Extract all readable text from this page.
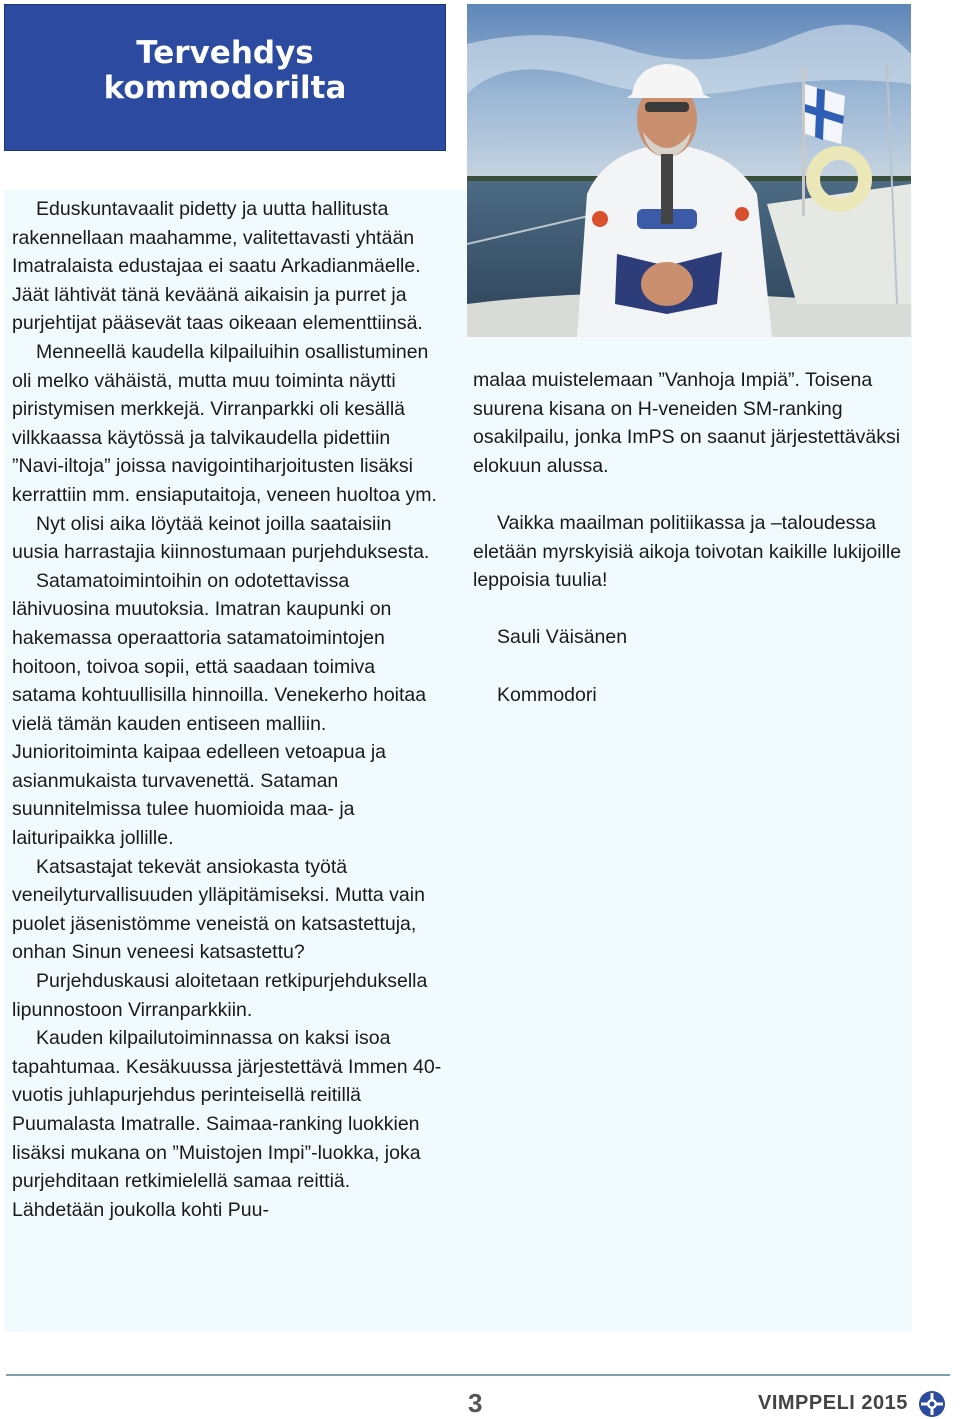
Tervehdys
kommodorilta

Eduskuntavaalit pidetty ja uutta hallitusta rakennellaan maahamme, valitettavasti yhtään Imatralaista edustajaa ei saatu Arkadianmäelle. Jäät lähtivät tänä keväänä aikaisin ja purret ja purjehtijat pääsevät taas oikeaan elementtiinsä.

Menneellä kaudella kilpailuihin osallistuminen oli melko vähäistä, mutta muu toiminta näytti piristymisen merkkejä. Virranparkki oli kesällä vilkkaassa käytössä ja talvikaudella pidettiin ”Navi-iltoja” joissa navigointiharjoitusten lisäksi kerrattiin mm. ensiaputaitoja, veneen huoltoa ym.

Nyt olisi aika löytää keinot joilla saataisiin uusia harrastajia kiinnostumaan purjehduksesta.

Satamatoimintoihin on odotettavissa lähivuosina muutoksia. Imatran kaupunki on hakemassa operaattoria satamatoimintojen hoitoon, toivoa sopii, että saadaan toimiva satama kohtuullisilla hinnoilla. Venekerho hoitaa vielä tämän kauden entiseen malliin. Junioritoiminta kaipaa edelleen vetoapua ja asianmukaista turvavenettä. Sataman suunnitelmissa tulee huomioida maa- ja laituripaikka jollille.

Katsastajat tekevät ansiokasta työtä veneilyturvallisuuden ylläpitämiseksi. Mutta vain puolet jäsenistömme veneistä on katsastettuja, onhan Sinun veneesi katsastettu?

Purjehduskausi aloitetaan retkipurjehduksella lipunnostoon Virranparkkiin.

Kauden kilpailutoiminnassa on kaksi isoa tapahtumaa. Kesäkuussa järjestettävä Immen 40-vuotis juhlapurjehdus perinteisellä reitillä Puumalasta Imatralle. Saimaa-ranking luokkien lisäksi mukana on ”Muistojen Impi”-luokka, joka purjehditaan retkimielellä samaa reittiä. Lähdetään joukolla kohti Puu-

malaa muistelemaan ”Vanhoja Impiä”. Toisena suurena kisana on H-veneiden SM-ranking osakilpailu, jonka ImPS on saanut järjestettäväksi elokuun alussa.

Vaikka maailman politiikassa ja –taloudessa eletään myrskyisiä aikoja toivotan kaikille lukijoille leppoisia tuulia!

Sauli Väisänen

Kommodori

3	VIMPPELI 2015
